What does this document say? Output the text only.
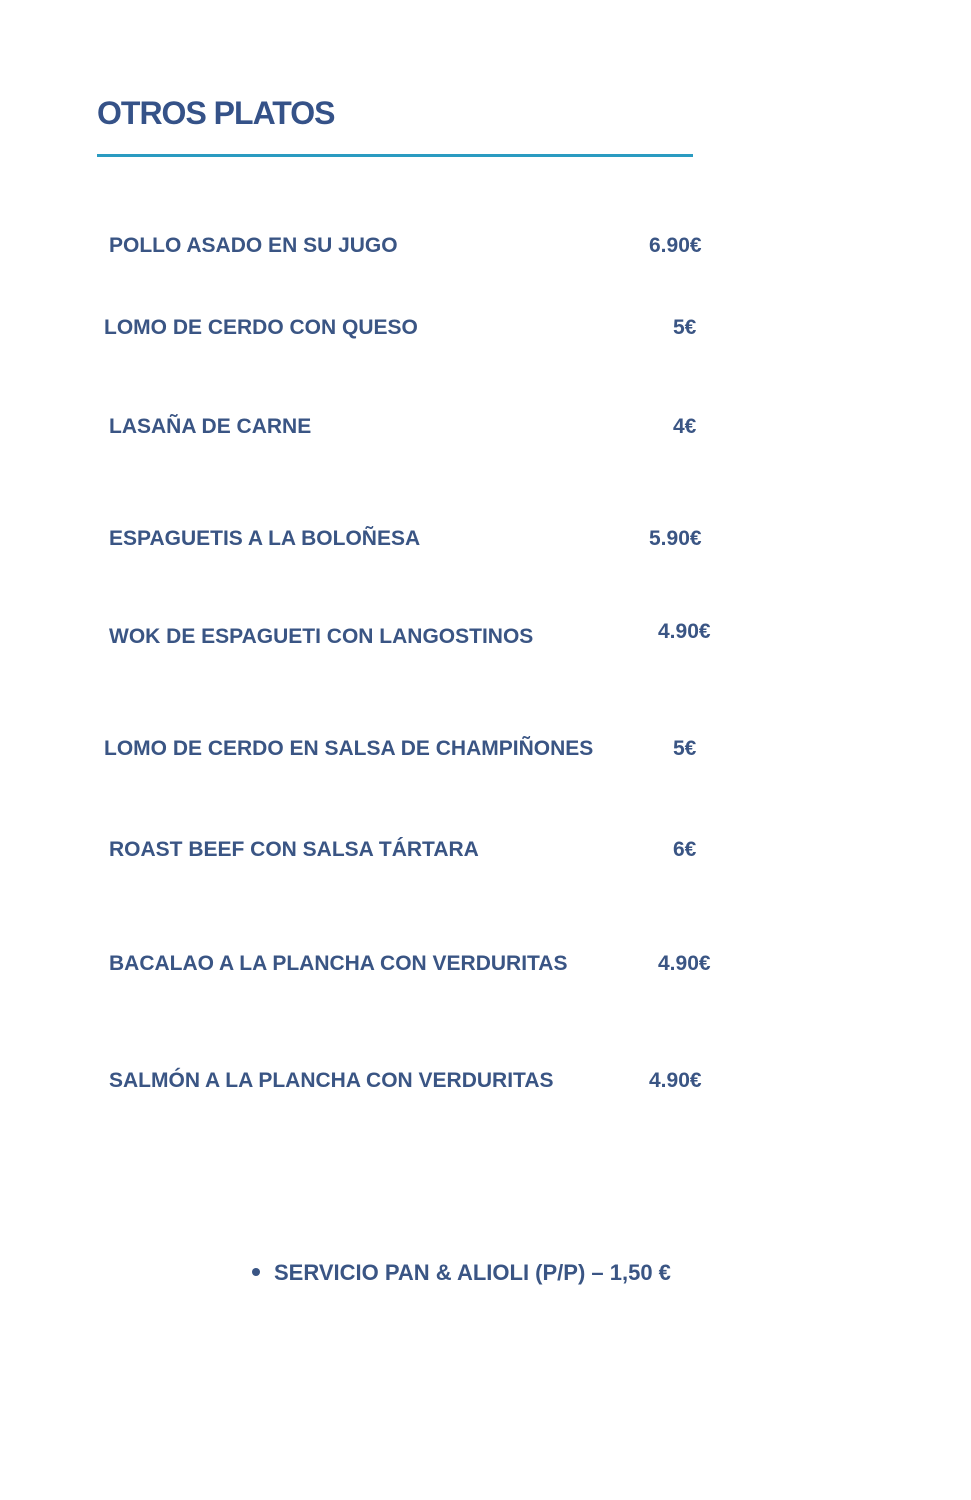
OTROS PLATOS
POLLO ASADO EN SU JUGO	6.90€
LOMO DE CERDO CON QUESO	5€
LASAÑA DE CARNE	4€
ESPAGUETIS A LA BOLOÑESA	5.90€
WOK DE ESPAGUETI CON LANGOSTINOS	4.90€
LOMO DE CERDO EN SALSA DE CHAMPIÑONES	5€
ROAST BEEF CON SALSA TÁRTARA	6€
BACALAO A LA PLANCHA CON VERDURITAS	4.90€
SALMÓN A LA PLANCHA CON VERDURITAS	4.90€
SERVICIO PAN & ALIOLI (P/P) – 1,50 €
